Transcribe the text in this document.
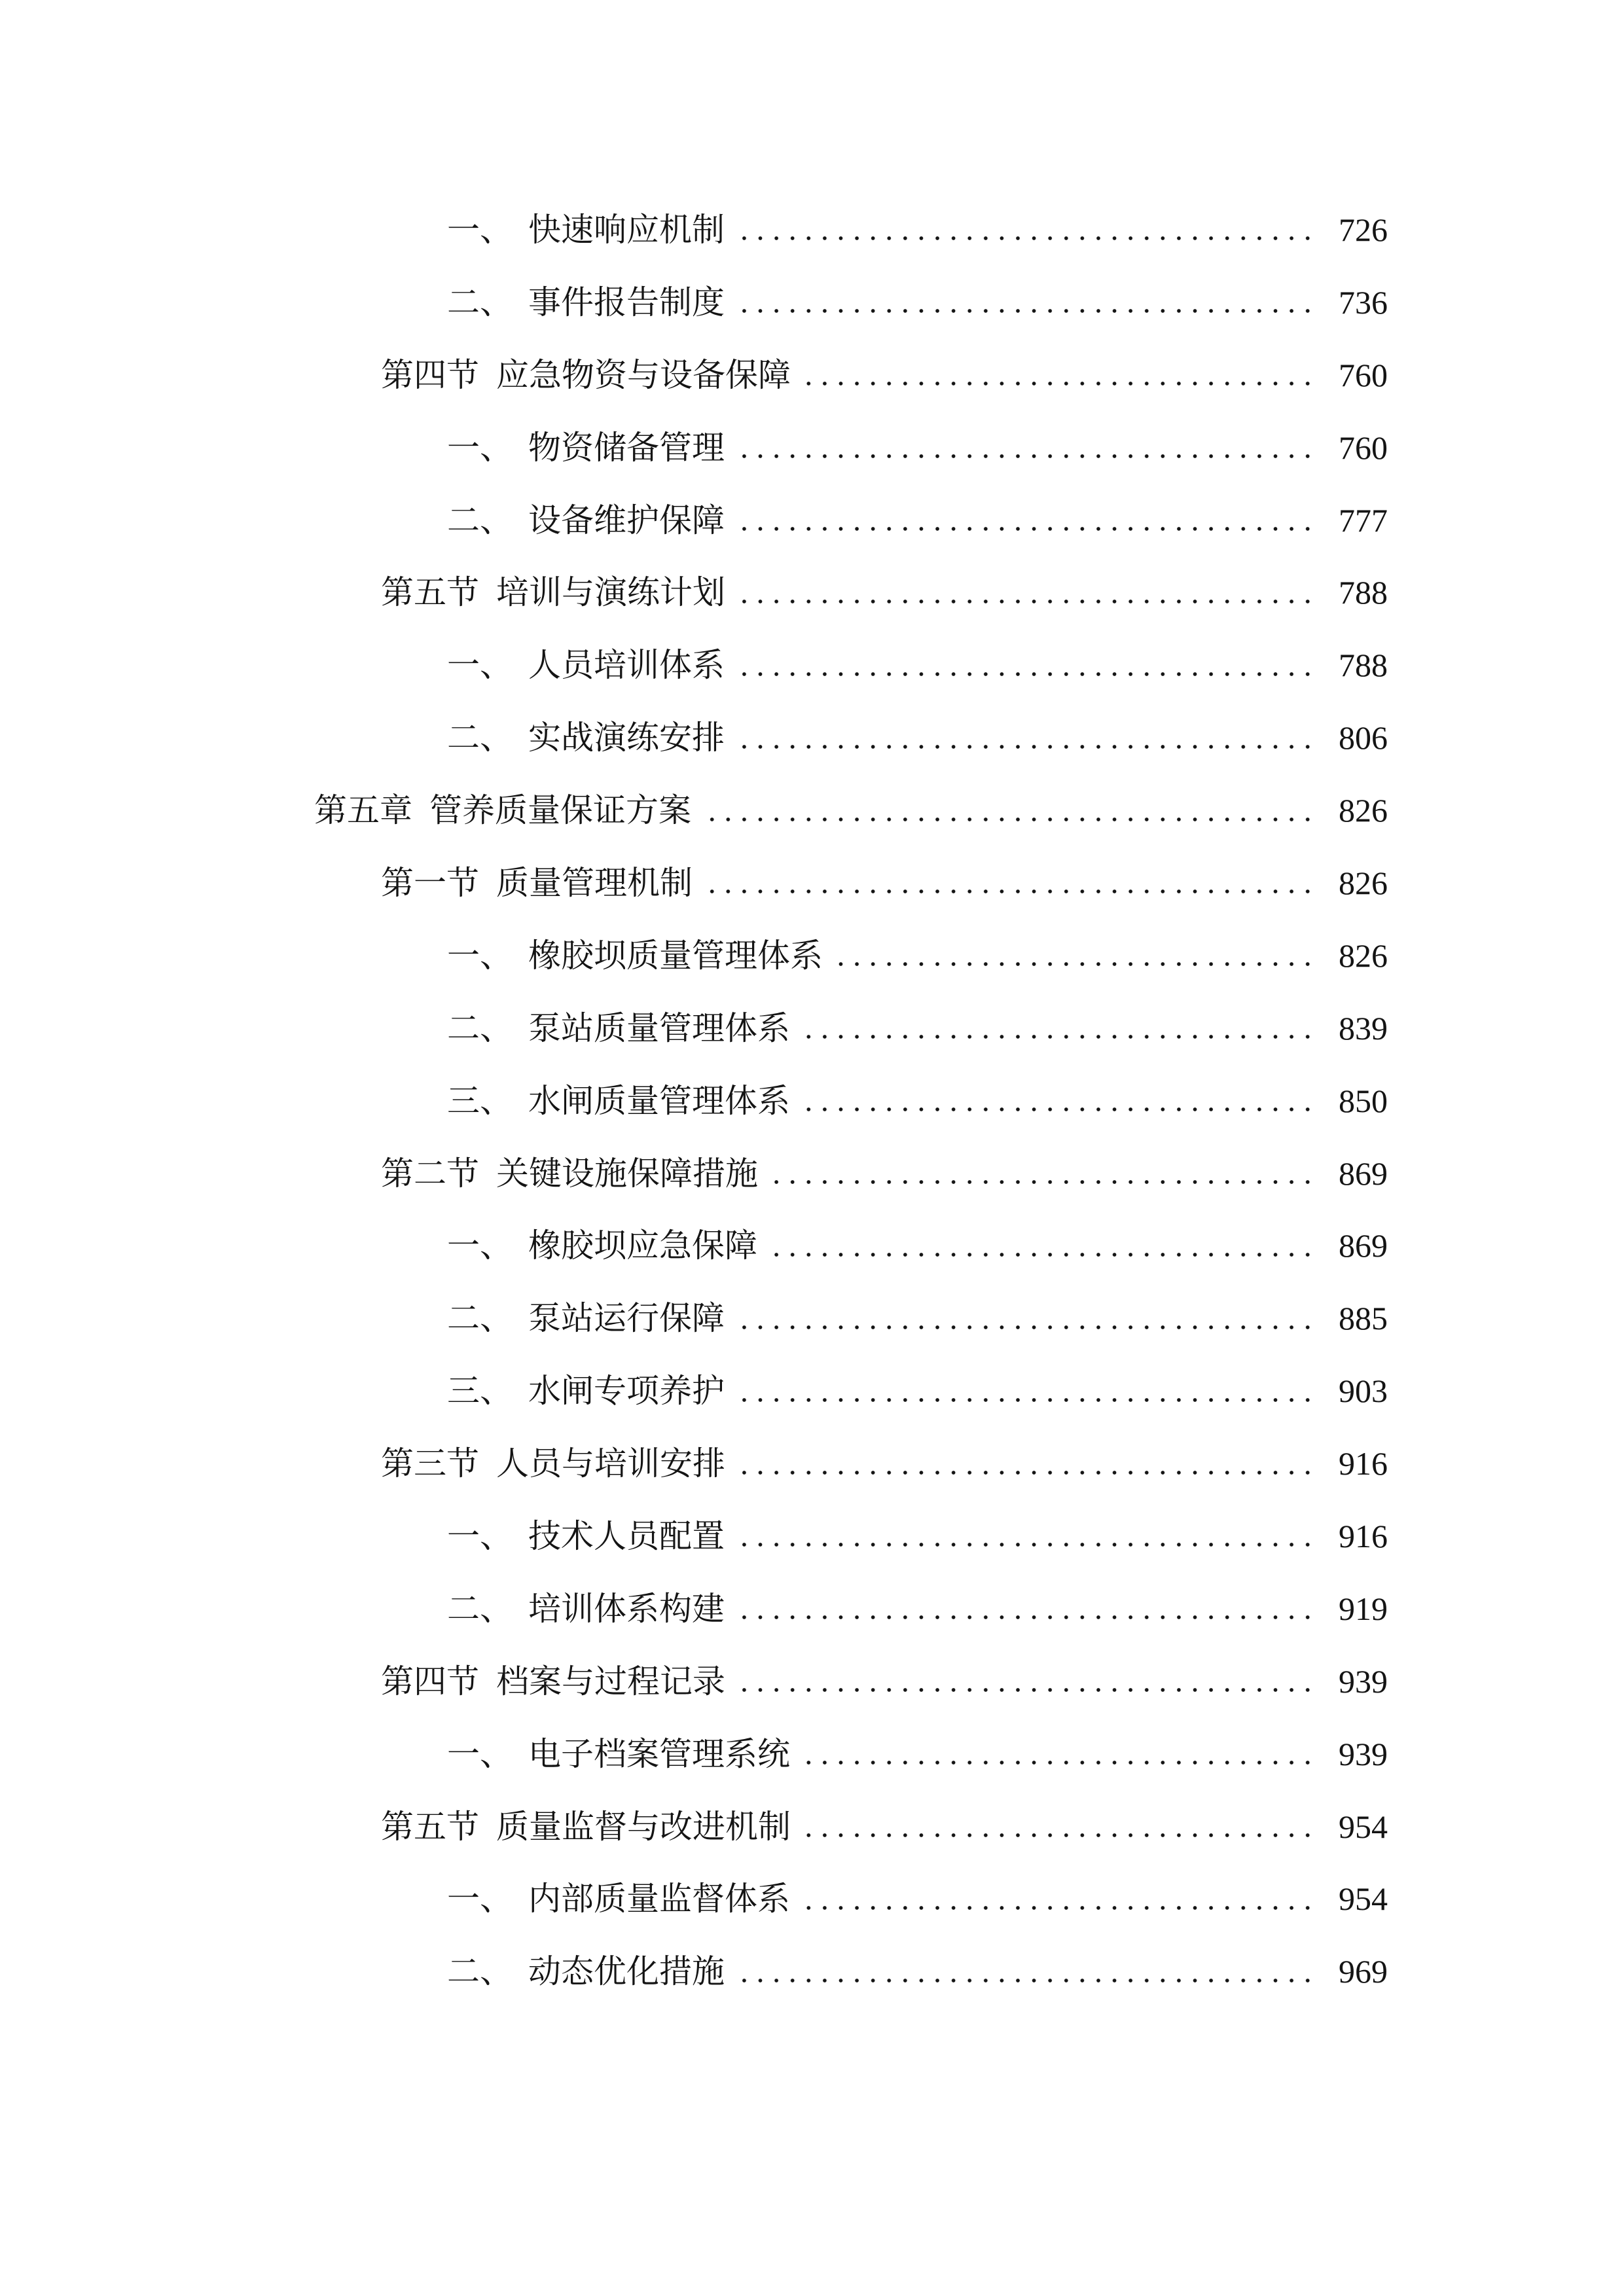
一、 快速响应机制	726
二、 事件报告制度	736
第四节 应急物资与设备保障	760
一、 物资储备管理	760
二、 设备维护保障	777
第五节 培训与演练计划	788
一、 人员培训体系	788
二、 实战演练安排	806
第五章 管养质量保证方案	826
第一节 质量管理机制	826
一、 橡胶坝质量管理体系	826
二、 泵站质量管理体系	839
三、 水闸质量管理体系	850
第二节 关键设施保障措施	869
一、 橡胶坝应急保障	869
二、 泵站运行保障	885
三、 水闸专项养护	903
第三节 人员与培训安排	916
一、 技术人员配置	916
二、 培训体系构建	919
第四节 档案与过程记录	939
一、 电子档案管理系统	939
第五节 质量监督与改进机制	954
一、 内部质量监督体系	954
二、 动态优化措施	969
